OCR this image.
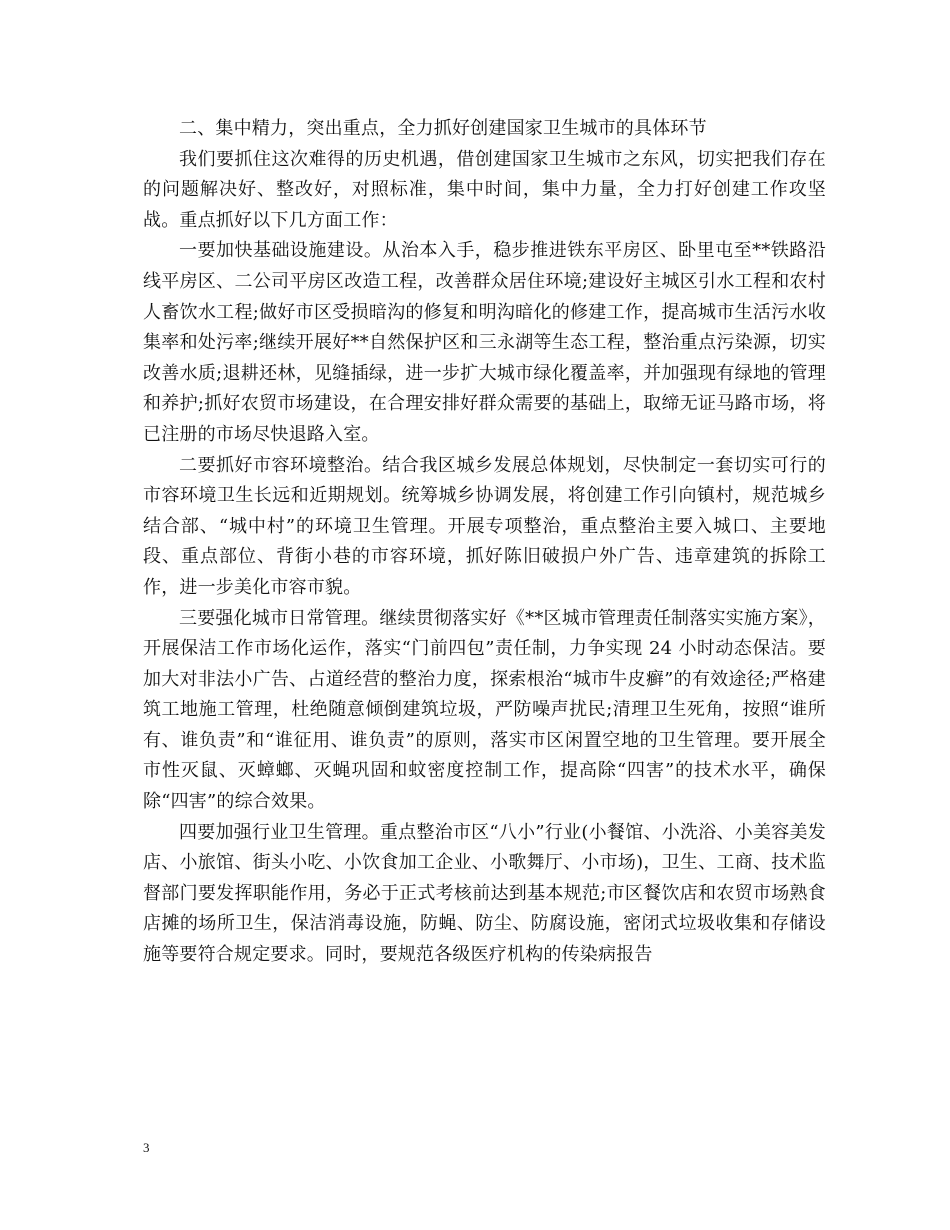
二、集中精力，突出重点，全力抓好创建国家卫生城市的具体环节

我们要抓住这次难得的历史机遇，借创建国家卫生城市之东风，切实把我们存在的问题解决好、整改好，对照标准，集中时间，集中力量，全力打好创建工作攻坚战。重点抓好以下几方面工作：

一要加快基础设施建设。从治本入手，稳步推进铁东平房区、卧里屯至**铁路沿线平房区、二公司平房区改造工程，改善群众居住环境;建设好主城区引水工程和农村人畜饮水工程;做好市区受损暗沟的修复和明沟暗化的修建工作，提高城市生活污水收集率和处污率;继续开展好**自然保护区和三永湖等生态工程，整治重点污染源，切实改善水质;退耕还林，见缝插绿，进一步扩大城市绿化覆盖率，并加强现有绿地的管理和养护;抓好农贸市场建设，在合理安排好群众需要的基础上，取缔无证马路市场，将已注册的市场尽快退路入室。

二要抓好市容环境整治。结合我区城乡发展总体规划，尽快制定一套切实可行的市容环境卫生长远和近期规划。统筹城乡协调发展，将创建工作引向镇村，规范城乡结合部、“城中村”的环境卫生管理。开展专项整治，重点整治主要入城口、主要地段、重点部位、背街小巷的市容环境，抓好陈旧破损户外广告、违章建筑的拆除工作，进一步美化市容市貌。

三要强化城市日常管理。继续贯彻落实好《**区城市管理责任制落实实施方案》，开展保洁工作市场化运作，落实“门前四包”责任制，力争实现 24 小时动态保洁。要加大对非法小广告、占道经营的整治力度，探索根治“城市牛皮癣”的有效途径;严格建筑工地施工管理，杜绝随意倾倒建筑垃圾，严防噪声扰民;清理卫生死角，按照“谁所有、谁负责”和“谁征用、谁负责”的原则，落实市区闲置空地的卫生管理。要开展全市性灭鼠、灭蟑螂、灭蝇巩固和蚊密度控制工作，提高除“四害”的技术水平，确保除“四害”的综合效果。

四要加强行业卫生管理。重点整治市区“八小”行业(小餐馆、小洗浴、小美容美发店、小旅馆、街头小吃、小饮食加工企业、小歌舞厅、小市场)，卫生、工商、技术监督部门要发挥职能作用，务必于正式考核前达到基本规范;市区餐饮店和农贸市场熟食店摊的场所卫生，保洁消毒设施，防蝇、防尘、防腐设施，密闭式垃圾收集和存储设施等要符合规定要求。同时，要规范各级医疗机构的传染病报告

3
